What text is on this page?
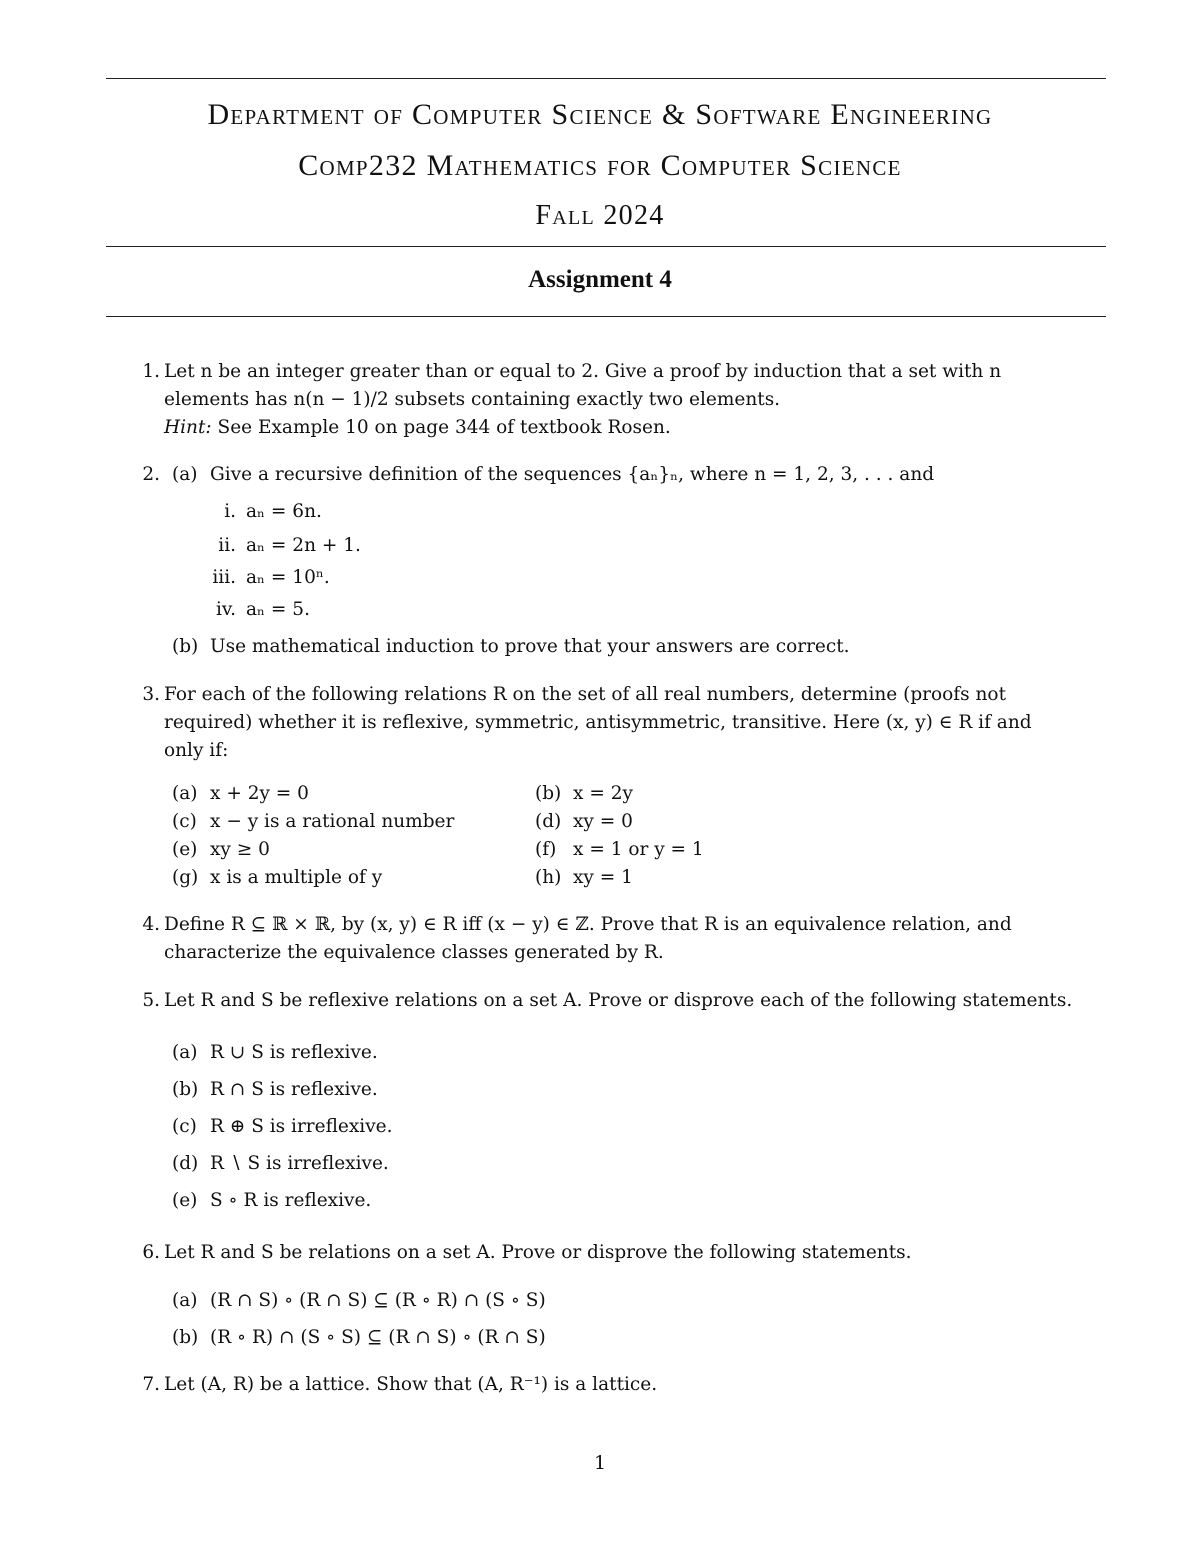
Department of Computer Science & Software Engineering
Comp232 Mathematics for Computer Science
Fall 2024
Assignment 4
1. Let n be an integer greater than or equal to 2. Give a proof by induction that a set with n
elements has n(n − 1)/2 subsets containing exactly two elements.
Hint: See Example 10 on page 344 of textbook Rosen.
2. (a) Give a recursive definition of the sequences {aₙ}ₙ, where n = 1, 2, 3, . . . and
i. aₙ = 6n.
ii. aₙ = 2n + 1.
iii. aₙ = 10ⁿ.
iv. aₙ = 5.
(b) Use mathematical induction to prove that your answers are correct.
3. For each of the following relations R on the set of all real numbers, determine (proofs not
required) whether it is reflexive, symmetric, antisymmetric, transitive. Here (x, y) ∈ R if and
only if:
(a) x + 2y = 0	(b) x = 2y
(c) x − y is a rational number	(d) xy = 0
(e) xy ≥ 0	(f) x = 1 or y = 1
(g) x is a multiple of y	(h) xy = 1
4. Define R ⊆ ℝ × ℝ, by (x, y) ∈ R iff (x − y) ∈ ℤ. Prove that R is an equivalence relation, and
characterize the equivalence classes generated by R.
5. Let R and S be reflexive relations on a set A. Prove or disprove each of the following statements.
(a) R ∪ S is reflexive.
(b) R ∩ S is reflexive.
(c) R ⊕ S is irreflexive.
(d) R ∖ S is irreflexive.
(e) S ∘ R is reflexive.
6. Let R and S be relations on a set A. Prove or disprove the following statements.
(a) (R ∩ S) ∘ (R ∩ S) ⊆ (R ∘ R) ∩ (S ∘ S)
(b) (R ∘ R) ∩ (S ∘ S) ⊆ (R ∩ S) ∘ (R ∩ S)
7. Let (A, R) be a lattice. Show that (A, R⁻¹) is a lattice.
1
